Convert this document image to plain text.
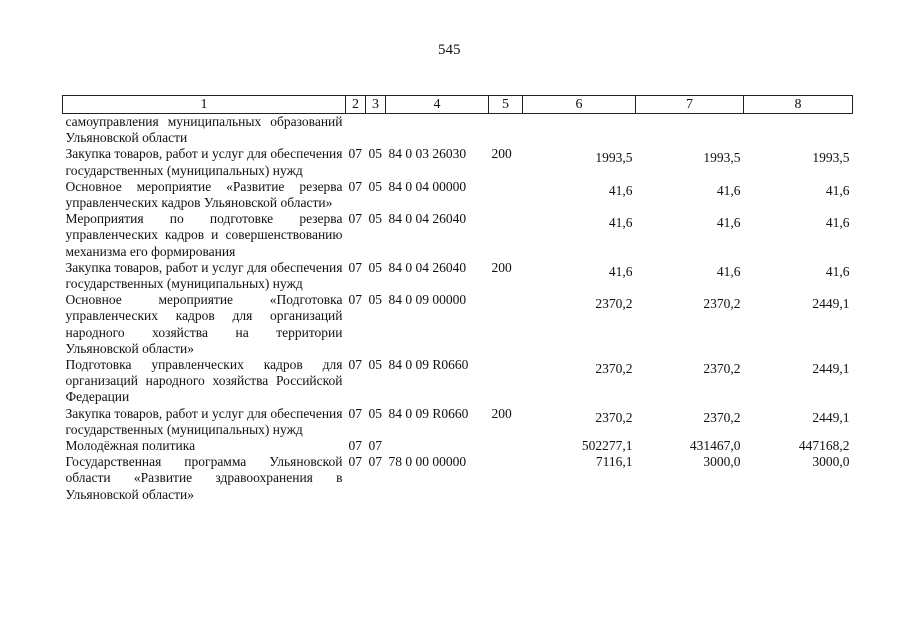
545
1	2	3	4	5	6	7	8
самоуправления муниципальных образований Ульяновской области							
Закупка товаров, работ и услуг для обеспечения государственных (муниципальных) нужд	07	05	84 0 03 26030	200	1993,5	1993,5	1993,5
Основное мероприятие «Развитие резерва управленческих кадров Ульяновской области»	07	05	84 0 04 00000		41,6	41,6	41,6
Мероприятия по подготовке резерва управленческих кадров и совершенствованию механизма его формирования	07	05	84 0 04 26040		41,6	41,6	41,6
Закупка товаров, работ и услуг для обеспечения государственных (муниципальных) нужд	07	05	84 0 04 26040	200	41,6	41,6	41,6
Основное мероприятие «Подготовка управленческих кадров для организаций народного хозяйства на территории Ульяновской области»	07	05	84 0 09 00000		2370,2	2370,2	2449,1
Подготовка управленческих кадров для организаций народного хозяйства Российской Федерации	07	05	84 0 09 R0660		2370,2	2370,2	2449,1
Закупка товаров, работ и услуг для обеспечения государственных (муниципальных) нужд	07	05	84 0 09 R0660	200	2370,2	2370,2	2449,1
Молодёжная политика	07	07			502277,1	431467,0	447168,2
Государственная программа Ульяновской области «Развитие здравоохранения в Ульяновской области»	07	07	78 0 00 00000		7116,1	3000,0	3000,0
